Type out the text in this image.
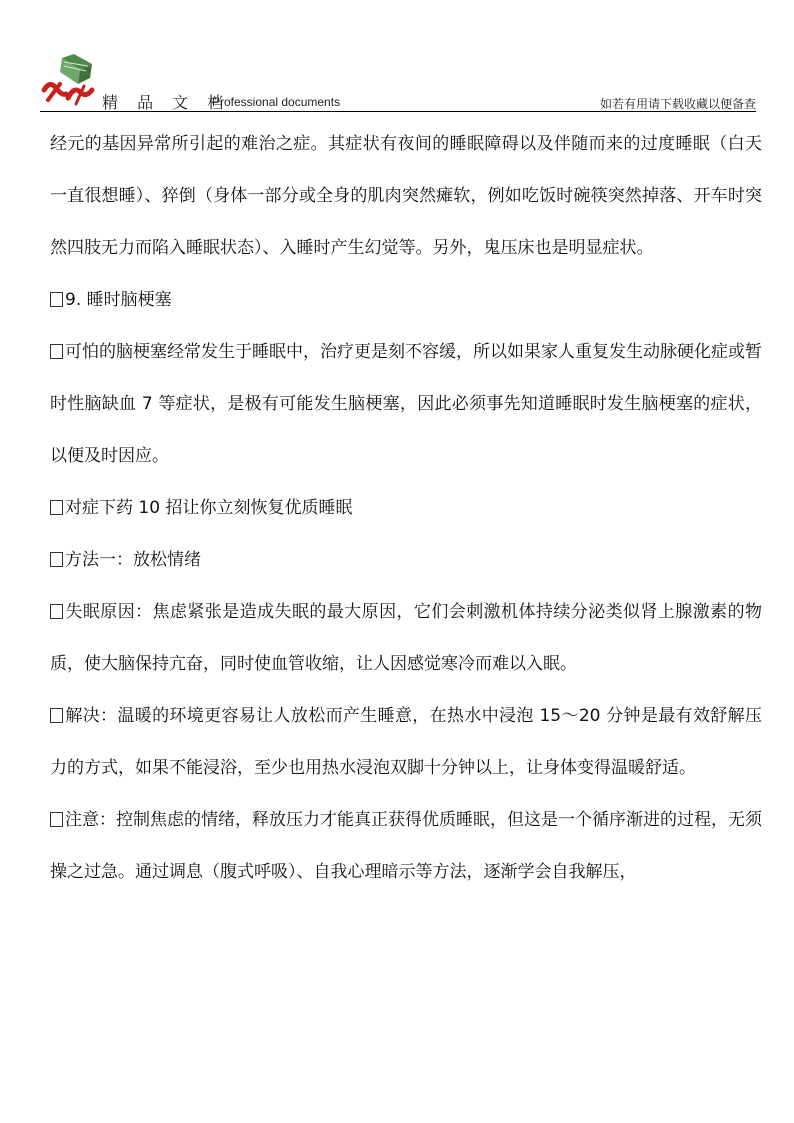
精 品 文 档
Professional documents	如若有用请下载收藏以便备查

经元的基因异常所引起的难治之症。其症状有夜间的睡眠障碍以及伴随而来的过度睡眠（白天一直很想睡）、猝倒（身体一部分或全身的肌肉突然瘫软，例如吃饭时碗筷突然掉落、开车时突然四肢无力而陷入睡眠状态）、入睡时产生幻觉等。另外，鬼压床也是明显症状。

9. 睡时脑梗塞

可怕的脑梗塞经常发生于睡眠中，治疗更是刻不容缓，所以如果家人重复发生动脉硬化症或暂时性脑缺血 7 等症状，是极有可能发生脑梗塞，因此必须事先知道睡眠时发生脑梗塞的症状，以便及时因应。

对症下药 10 招让你立刻恢复优质睡眠

方法一：放松情绪

失眠原因：焦虑紧张是造成失眠的最大原因，它们会刺激机体持续分泌类似肾上腺激素的物质，使大脑保持亢奋，同时使血管收缩，让人因感觉寒冷而难以入眠。

解决：温暖的环境更容易让人放松而产生睡意，在热水中浸泡 15～20 分钟是最有效舒解压力的方式，如果不能浸浴，至少也用热水浸泡双脚十分钟以上，让身体变得温暖舒适。

注意：控制焦虑的情绪，释放压力才能真正获得优质睡眠，但这是一个循序渐进的过程，无须操之过急。通过调息（腹式呼吸）、自我心理暗示等方法，逐渐学会自我解压，
